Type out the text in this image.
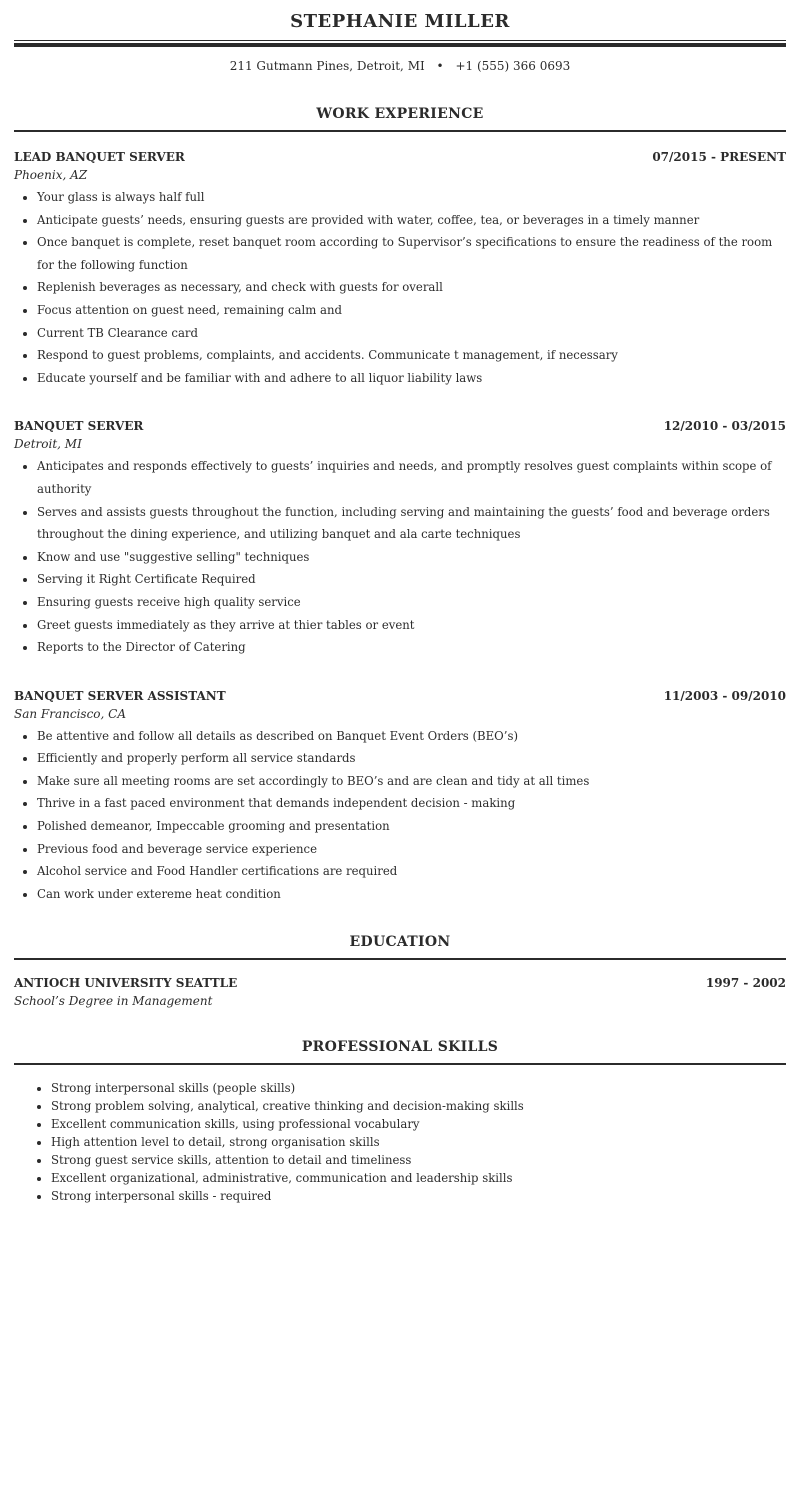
STEPHANIE MILLER
211 Gutmann Pines, Detroit, MI • +1 (555) 366 0693
WORK EXPERIENCE
LEAD BANQUET SERVER	07/2015 - PRESENT
Phoenix, AZ
• Your glass is always half full
• Anticipate guests’ needs, ensuring guests are provided with water, coffee, tea, or beverages in a timely manner
• Once banquet is complete, reset banquet room according to Supervisor’s specifications to ensure the readiness of the room for the following function
• Replenish beverages as necessary, and check with guests for overall
• Focus attention on guest need, remaining calm and
• Current TB Clearance card
• Respond to guest problems, complaints, and accidents. Communicate t management, if necessary
• Educate yourself and be familiar with and adhere to all liquor liability laws
BANQUET SERVER	12/2010 - 03/2015
Detroit, MI
• Anticipates and responds effectively to guests’ inquiries and needs, and promptly resolves guest complaints within scope of authority
• Serves and assists guests throughout the function, including serving and maintaining the guests’ food and beverage orders throughout the dining experience, and utilizing banquet and ala carte techniques
• Know and use "suggestive selling" techniques
• Serving it Right Certificate Required
• Ensuring guests receive high quality service
• Greet guests immediately as they arrive at thier tables or event
• Reports to the Director of Catering
BANQUET SERVER ASSISTANT	11/2003 - 09/2010
San Francisco, CA
• Be attentive and follow all details as described on Banquet Event Orders (BEO’s)
• Efficiently and properly perform all service standards
• Make sure all meeting rooms are set accordingly to BEO’s and are clean and tidy at all times
• Thrive in a fast paced environment that demands independent decision - making
• Polished demeanor, Impeccable grooming and presentation
• Previous food and beverage service experience
• Alcohol service and Food Handler certifications are required
• Can work under extereme heat condition
EDUCATION
ANTIOCH UNIVERSITY SEATTLE	1997 - 2002
School’s Degree in Management
PROFESSIONAL SKILLS
• Strong interpersonal skills (people skills)
• Strong problem solving, analytical, creative thinking and decision-making skills
• Excellent communication skills, using professional vocabulary
• High attention level to detail, strong organisation skills
• Strong guest service skills, attention to detail and timeliness
• Excellent organizational, administrative, communication and leadership skills
• Strong interpersonal skills - required
